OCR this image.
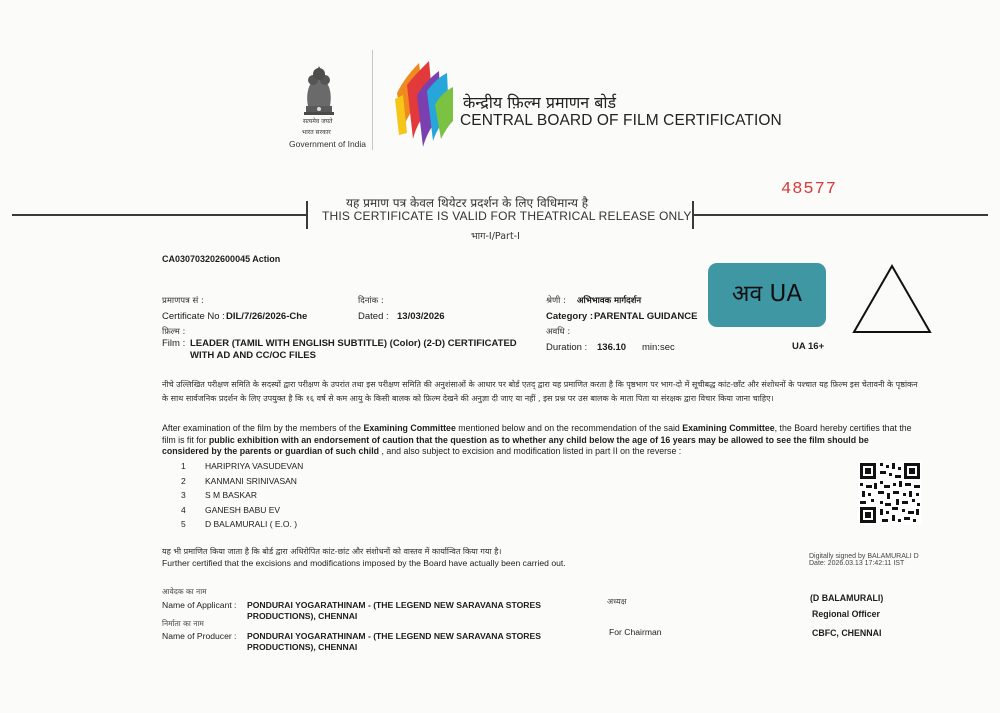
सत्यमेव जयते
भारत सरकार
Government of India
केन्द्रीय फ़िल्म प्रमाणन बोर्ड
CENTRAL BOARD OF FILM CERTIFICATION
यह प्रमाण पत्र केवल थियेटर प्रदर्शन के लिए विधिमान्य है
THIS CERTIFICATE IS VALID FOR THEATRICAL RELEASE ONLY
भाग-I/Part-I
48577
CA030703202600045 Action
प्रमाणपत्र सं :
Certificate No : DIL/7/26/2026-Che
दिनांक :
Dated : 13/03/2026
श्रेणी : अभिभावक मार्गदर्शन
Category : PARENTAL GUIDANCE
फ़िल्म :
Film : LEADER (TAMIL WITH ENGLISH SUBTITLE) (Color) (2-D) CERTIFICATED WITH AD AND CC/OC FILES
अवधि :
Duration : 136.10 min:sec
अव UA
UA 16+
नीचे उल्लिखित परीक्षण समिति के सदस्यों द्वारा परीक्षण के उपरांत तथा इस परीक्षण समिति की अनुशंसाओं के आधार पर बोर्ड एतद् द्वारा यह प्रमाणित करता है कि पृष्ठभाग पर भाग-दो में सूचीबद्ध कांट-छाँट और संशोधनों के पश्चात यह फ़िल्म इस चेतावनी के पृष्ठांकन के साथ सार्वजनिक प्रदर्शन के लिए उपयुक्त है कि १६ वर्ष से कम आयु के किसी बालक को फ़िल्म देखने की अनुज्ञा दी जाए या नहीं , इस प्रश्न पर उस बालक के माता पिता या संरक्षक द्वारा विचार किया जाना चाहिए।
After examination of the film by the members of the Examining Committee mentioned below and on the recommendation of the said Examining Committee, the Board hereby certifies that the film is fit for public exhibition with an endorsement of caution that the question as to whether any child below the age of 16 years may be allowed to see the film should be considered by the parents or guardian of such child , and also subject to excision and modification listed in part II on the reverse :
1 HARIPRIYA VASUDEVAN
2 KANMANI SRINIVASAN
3 S M BASKAR
4 GANESH BABU EV
5 D BALAMURALI ( E.O. )
यह भी प्रमाणित किया जाता है कि बोर्ड द्वारा अधिरोपित कांट-छांट और संशोधनों को वास्तव में कार्यान्वित किया गया है।
Further certified that the excisions and modifications imposed by the Board have actually been carried out.
Digitally signed by BALAMURALI D
Date: 2026.03.13 17:42:11 IST
आवेदक का नाम
Name of Applicant : PONDURAI YOGARATHINAM - (THE LEGEND NEW SARAVANA STORES PRODUCTIONS), CHENNAI
निर्माता का नाम
Name of Producer : PONDURAI YOGARATHINAM - (THE LEGEND NEW SARAVANA STORES PRODUCTIONS), CHENNAI
अध्यक्ष
For Chairman
(D BALAMURALI)
Regional Officer
CBFC, CHENNAI
